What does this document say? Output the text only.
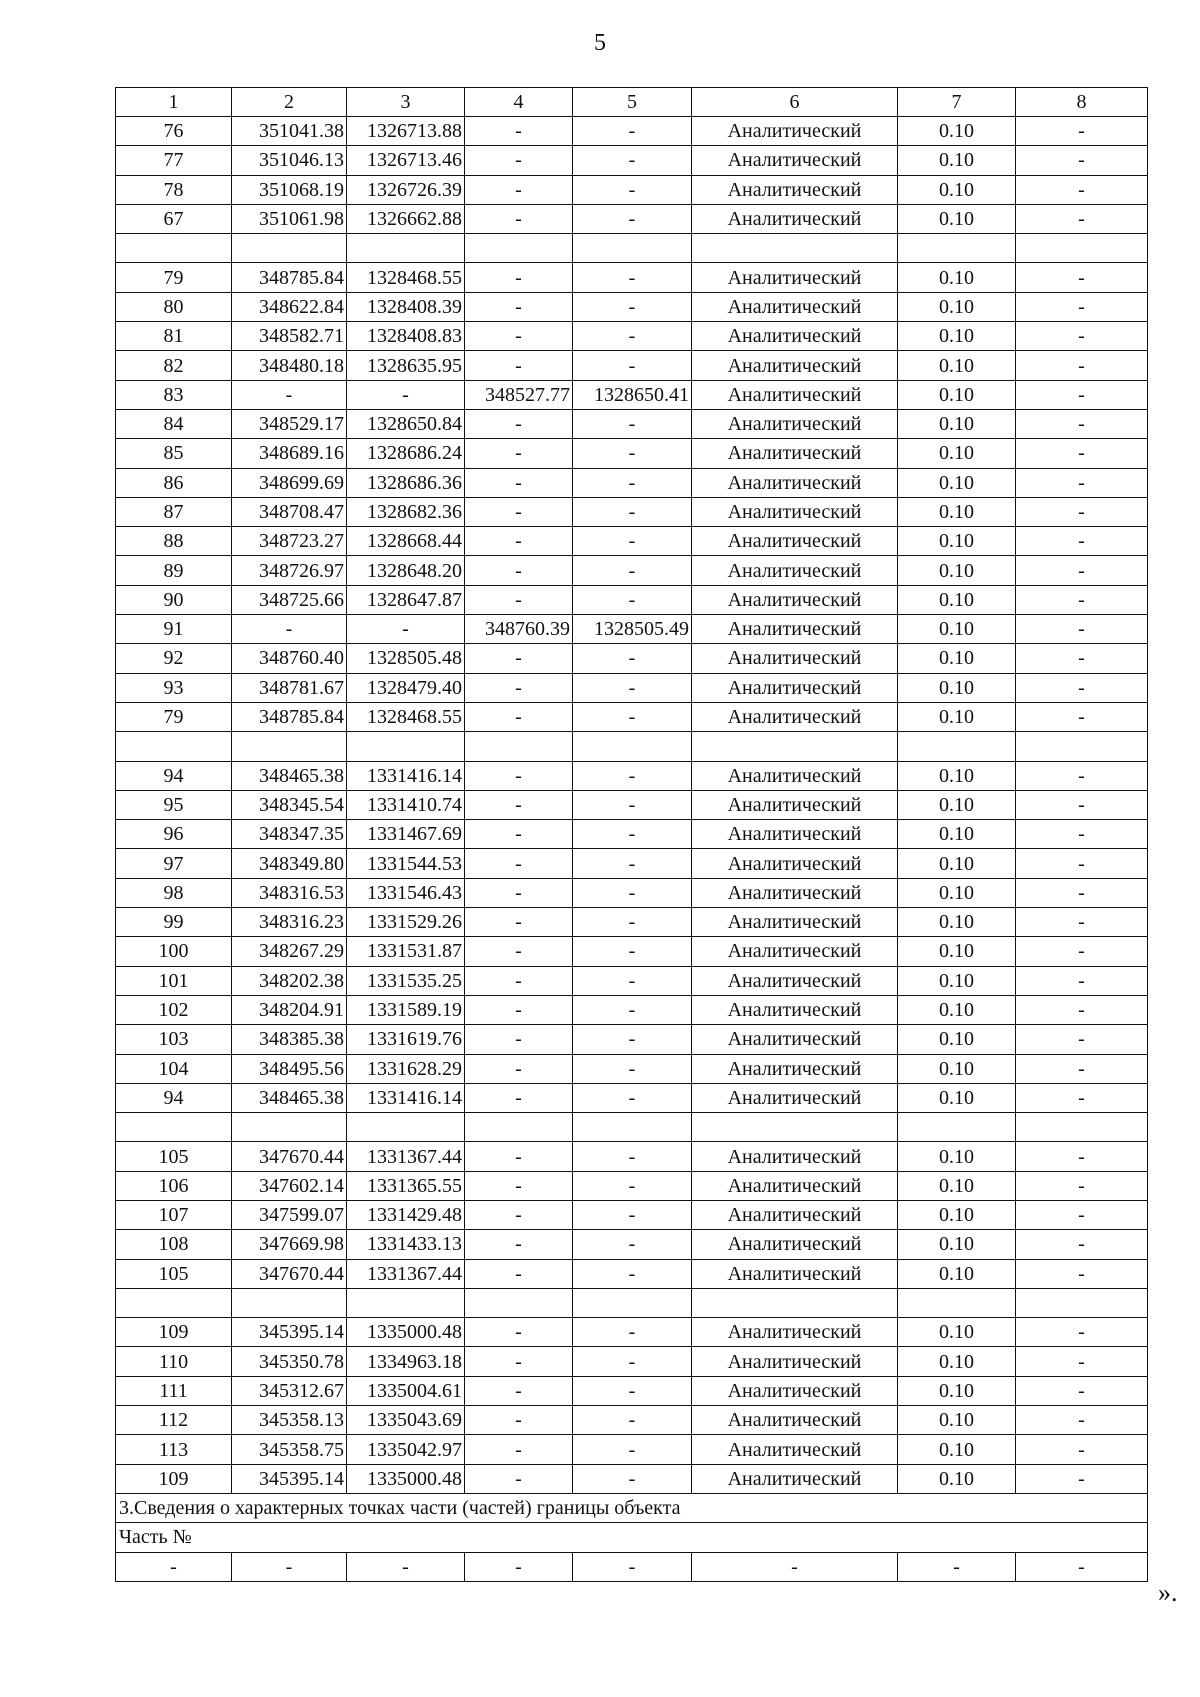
5
1	2	3	4	5	6	7	8
76	351041.38	1326713.88	-	-	Аналитический	0.10	-
77	351046.13	1326713.46	-	-	Аналитический	0.10	-
78	351068.19	1326726.39	-	-	Аналитический	0.10	-
67	351061.98	1326662.88	-	-	Аналитический	0.10	-

79	348785.84	1328468.55	-	-	Аналитический	0.10	-
80	348622.84	1328408.39	-	-	Аналитический	0.10	-
81	348582.71	1328408.83	-	-	Аналитический	0.10	-
82	348480.18	1328635.95	-	-	Аналитический	0.10	-
83	-	-	348527.77	1328650.41	Аналитический	0.10	-
84	348529.17	1328650.84	-	-	Аналитический	0.10	-
85	348689.16	1328686.24	-	-	Аналитический	0.10	-
86	348699.69	1328686.36	-	-	Аналитический	0.10	-
87	348708.47	1328682.36	-	-	Аналитический	0.10	-
88	348723.27	1328668.44	-	-	Аналитический	0.10	-
89	348726.97	1328648.20	-	-	Аналитический	0.10	-
90	348725.66	1328647.87	-	-	Аналитический	0.10	-
91	-	-	348760.39	1328505.49	Аналитический	0.10	-
92	348760.40	1328505.48	-	-	Аналитический	0.10	-
93	348781.67	1328479.40	-	-	Аналитический	0.10	-
79	348785.84	1328468.55	-	-	Аналитический	0.10	-

94	348465.38	1331416.14	-	-	Аналитический	0.10	-
95	348345.54	1331410.74	-	-	Аналитический	0.10	-
96	348347.35	1331467.69	-	-	Аналитический	0.10	-
97	348349.80	1331544.53	-	-	Аналитический	0.10	-
98	348316.53	1331546.43	-	-	Аналитический	0.10	-
99	348316.23	1331529.26	-	-	Аналитический	0.10	-
100	348267.29	1331531.87	-	-	Аналитический	0.10	-
101	348202.38	1331535.25	-	-	Аналитический	0.10	-
102	348204.91	1331589.19	-	-	Аналитический	0.10	-
103	348385.38	1331619.76	-	-	Аналитический	0.10	-
104	348495.56	1331628.29	-	-	Аналитический	0.10	-
94	348465.38	1331416.14	-	-	Аналитический	0.10	-

105	347670.44	1331367.44	-	-	Аналитический	0.10	-
106	347602.14	1331365.55	-	-	Аналитический	0.10	-
107	347599.07	1331429.48	-	-	Аналитический	0.10	-
108	347669.98	1331433.13	-	-	Аналитический	0.10	-
105	347670.44	1331367.44	-	-	Аналитический	0.10	-

109	345395.14	1335000.48	-	-	Аналитический	0.10	-
110	345350.78	1334963.18	-	-	Аналитический	0.10	-
111	345312.67	1335004.61	-	-	Аналитический	0.10	-
112	345358.13	1335043.69	-	-	Аналитический	0.10	-
113	345358.75	1335042.97	-	-	Аналитический	0.10	-
109	345395.14	1335000.48	-	-	Аналитический	0.10	-
3.Сведения о характерных точках части (частей) границы объекта							
Часть №							
-	-	-	-	-	-	-	-
».
